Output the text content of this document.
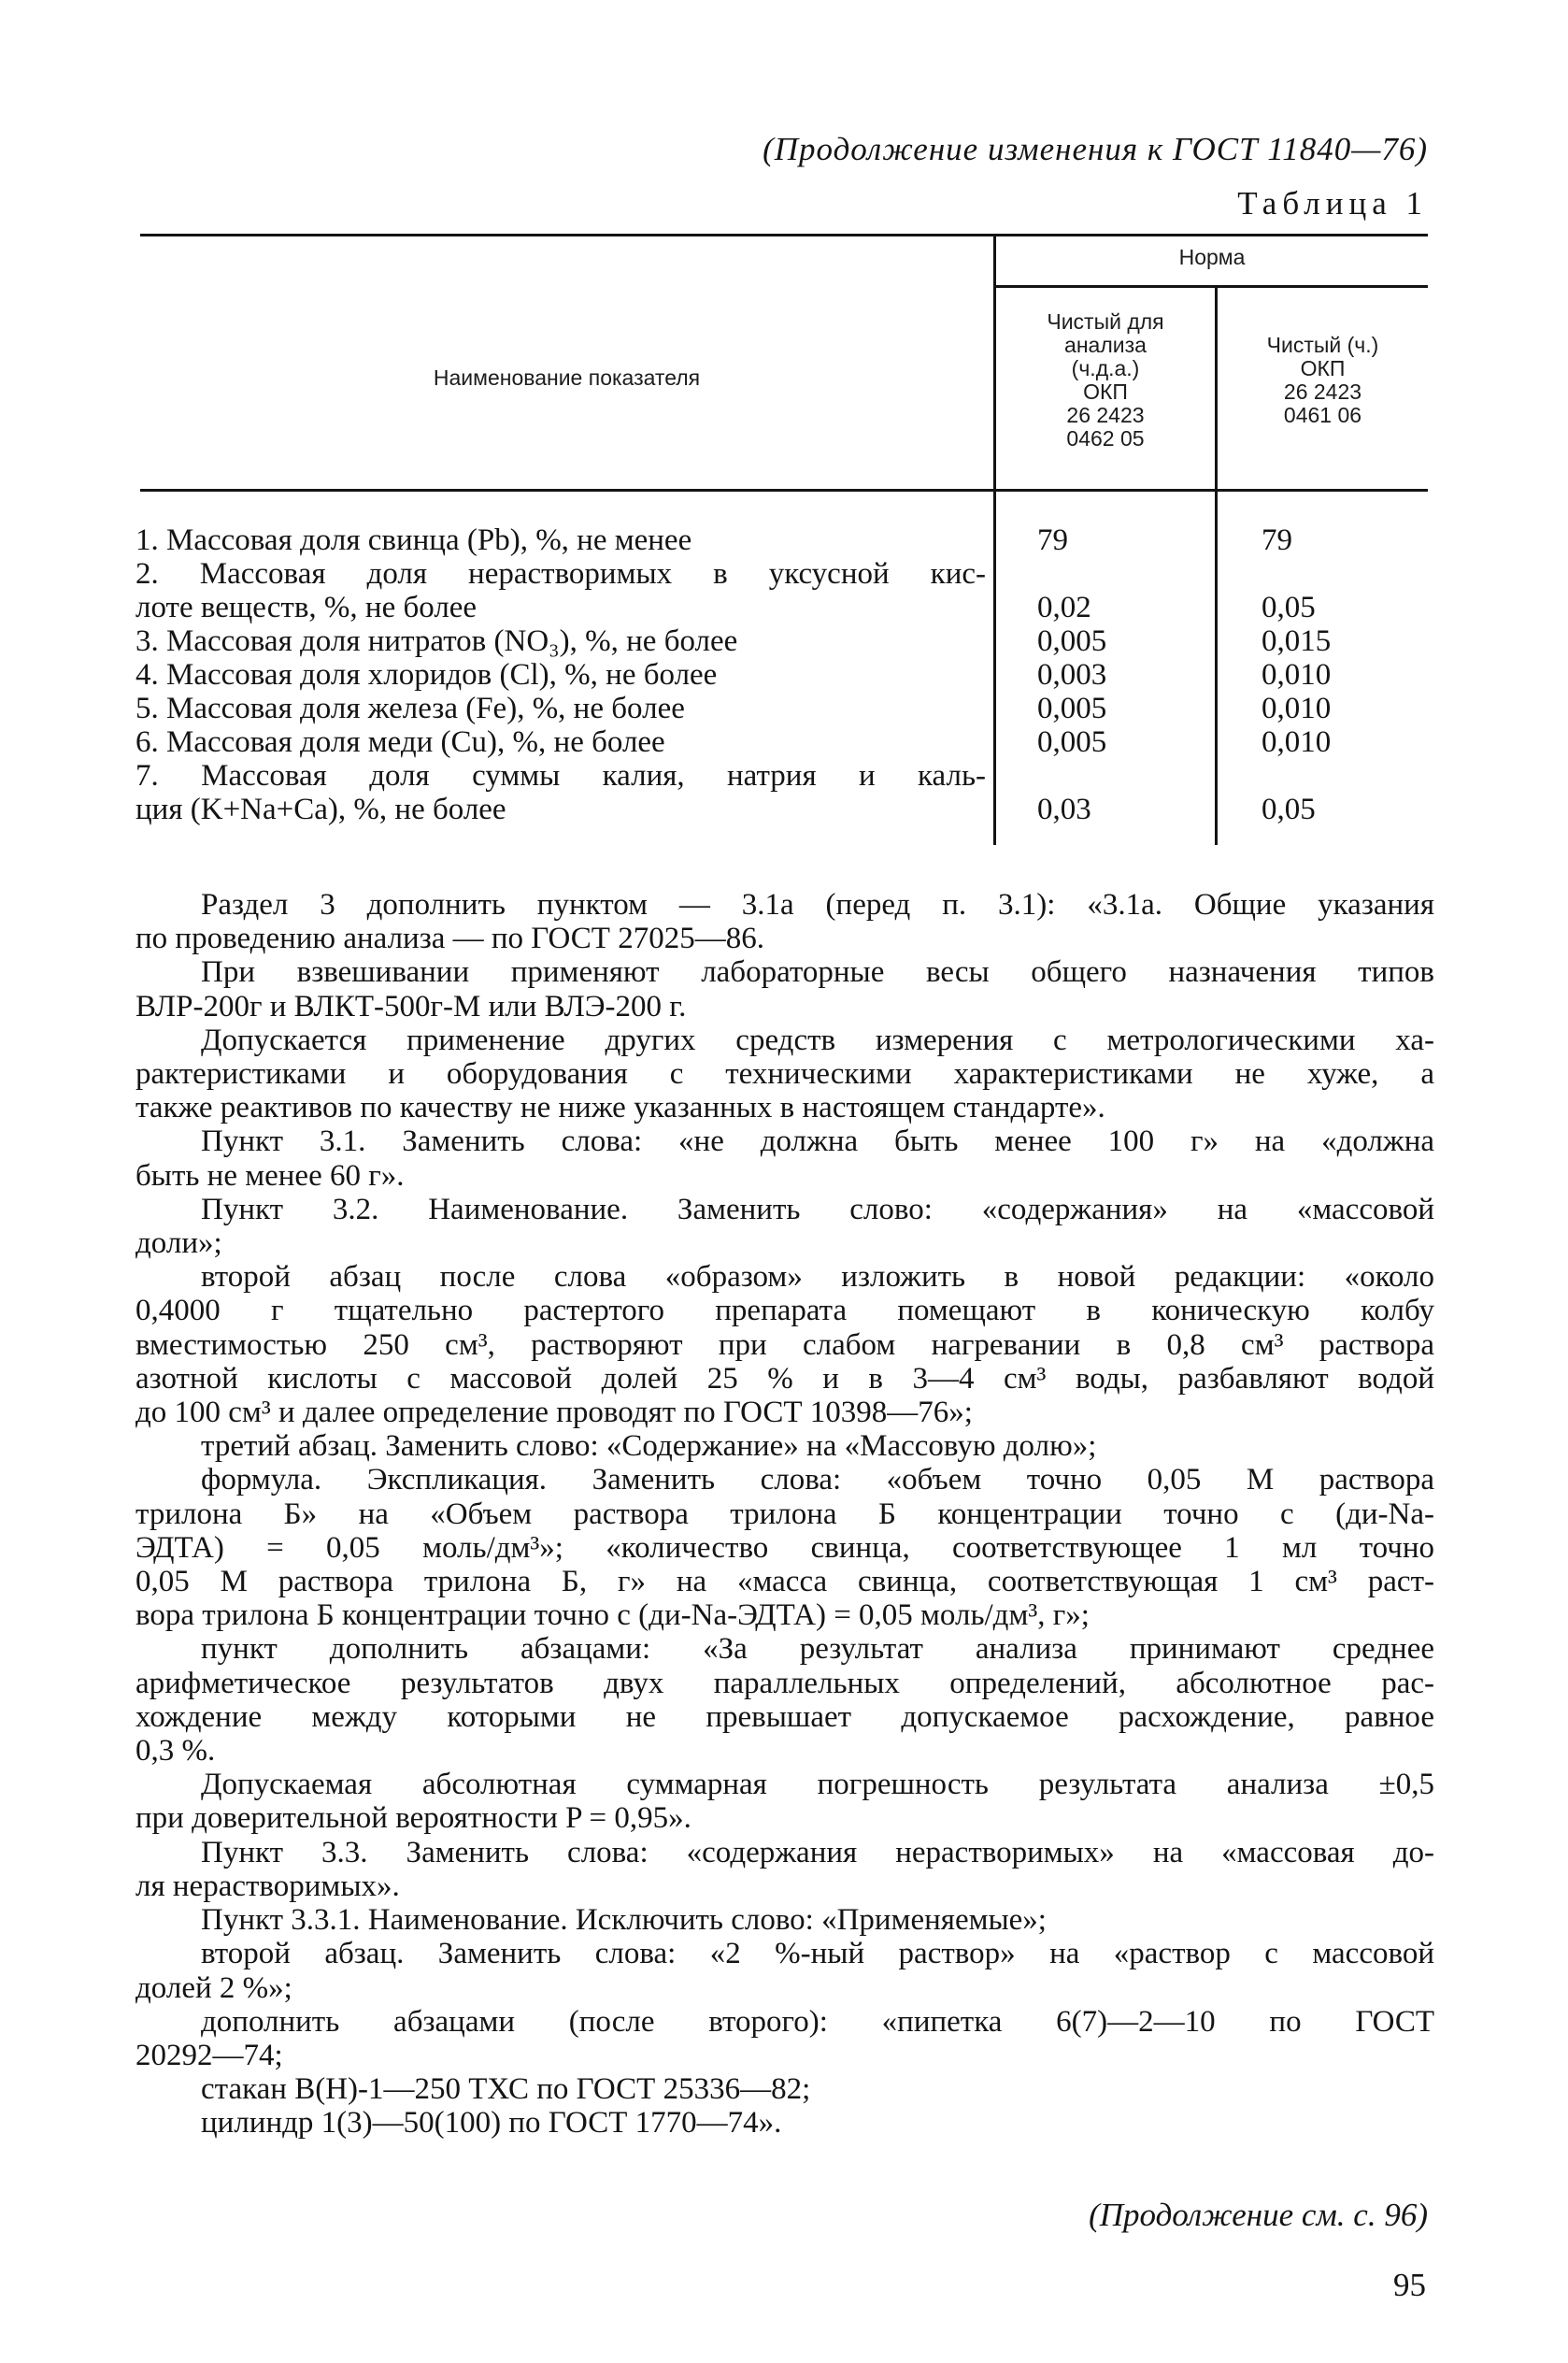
(Продолжение изменения к ГОСТ 11840—76)
Таблица 1
Наименование показателя
Норма
Чистый для
анализа
(ч.д.а.)
ОКП
26 2423
0462 05
Чистый (ч.)
ОКП
26 2423
0461 06
1. Массовая доля свинца (Pb), %, не менее	79	79
2. Массовая доля нерастворимых в уксусной кис-
лоте веществ, %, не более	0,02	0,05
3. Массовая доля нитратов (NO₃), %, не более	0,005	0,015
4. Массовая доля хлоридов (Cl), %, не более	0,003	0,010
5. Массовая доля железа (Fe), %, не более	0,005	0,010
6. Массовая доля меди (Cu), %, не более	0,005	0,010
7. Массовая доля суммы калия, натрия и каль-
ция (K+Na+Ca), %, не более	0,03	0,05
Раздел 3 дополнить пунктом — 3.1а (перед п. 3.1): «3.1а. Общие указания
по проведению анализа — по ГОСТ 27025—86.
При взвешивании применяют лабораторные весы общего назначения типов
ВЛР-200г и ВЛКТ-500г-М или ВЛЭ-200 г.
Допускается применение других средств измерения с метрологическими ха-
рактеристиками и оборудования с техническими характеристиками не хуже, а
также реактивов по качеству не ниже указанных в настоящем стандарте».
Пункт 3.1. Заменить слова: «не должна быть менее 100 г» на «должна
быть не менее 60 г».
Пункт 3.2. Наименование. Заменить слово: «содержания» на «массовой
доли»;
второй абзац после слова «образом» изложить в новой редакции: «около
0,4000 г тщательно растертого препарата помещают в коническую колбу
вместимостью 250 см³, растворяют при слабом нагревании в 0,8 см³ раствора
азотной кислоты с массовой долей 25 % и в 3—4 см³ воды, разбавляют водой
до 100 см³ и далее определение проводят по ГОСТ 10398—76»;
третий абзац. Заменить слово: «Содержание» на «Массовую долю»;
формула. Экспликация. Заменить слова: «объем точно 0,05 М раствора
трилона Б» на «Объем раствора трилона Б концентрации точно с (ди-Na-
ЭДТА) = 0,05 моль/дм³»; «количество свинца, соответствующее 1 мл точно
0,05 М раствора трилона Б, г» на «масса свинца, соответствующая 1 см³ раст-
вора трилона Б концентрации точно с (ди-Na-ЭДТА) = 0,05 моль/дм³, г»;
пункт дополнить абзацами: «За результат анализа принимают среднее
арифметическое результатов двух параллельных определений, абсолютное рас-
хождение между которыми не превышает допускаемое расхождение, равное
0,3 %.
Допускаемая абсолютная суммарная погрешность результата анализа ±0,5
при доверительной вероятности P = 0,95».
Пункт 3.3. Заменить слова: «содержания нерастворимых» на «массовая до-
ля нерастворимых».
Пункт 3.3.1. Наименование. Исключить слово: «Применяемые»;
второй абзац. Заменить слова: «2 %-ный раствор» на «раствор с массовой
долей 2 %»;
дополнить абзацами (после второго): «пипетка 6(7)—2—10 по ГОСТ
20292—74;
стакан В(Н)-1—250 ТХС по ГОСТ 25336—82;
цилиндр 1(3)—50(100) по ГОСТ 1770—74».
(Продолжение см. с. 96)
95
